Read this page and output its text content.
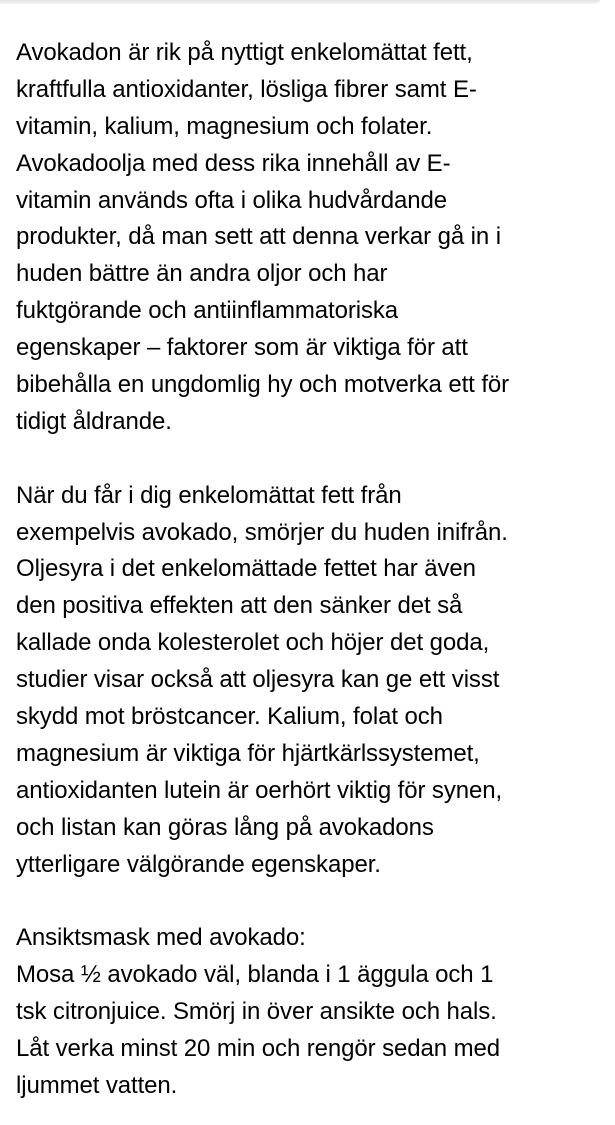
Avokadon är rik på nyttigt enkelomättat fett,
kraftfulla antioxidanter, lösliga fibrer samt E-
vitamin, kalium, magnesium och folater.
Avokadoolja med dess rika innehåll av E-
vitamin används ofta i olika hudvårdande
produkter, då man sett att denna verkar gå in i
huden bättre än andra oljor och har
fuktgörande och antiinflammatoriska
egenskaper – faktorer som är viktiga för att
bibehålla en ungdomlig hy och motverka ett för
tidigt åldrande.

När du får i dig enkelomättat fett från
exempelvis avokado, smörjer du huden inifrån.
Oljesyra i det enkelomättade fettet har även
den positiva effekten att den sänker det så
kallade onda kolesterolet och höjer det goda,
studier visar också att oljesyra kan ge ett visst
skydd mot bröstcancer. Kalium, folat och
magnesium är viktiga för hjärtkärlssystemet,
antioxidanten lutein är oerhört viktig för synen,
och listan kan göras lång på avokadons
ytterligare välgörande egenskaper.

Ansiktsmask med avokado:
Mosa ½ avokado väl, blanda i 1 äggula och 1
tsk citronjuice. Smörj in över ansikte och hals.
Låt verka minst 20 min och rengör sedan med
ljummet vatten.
